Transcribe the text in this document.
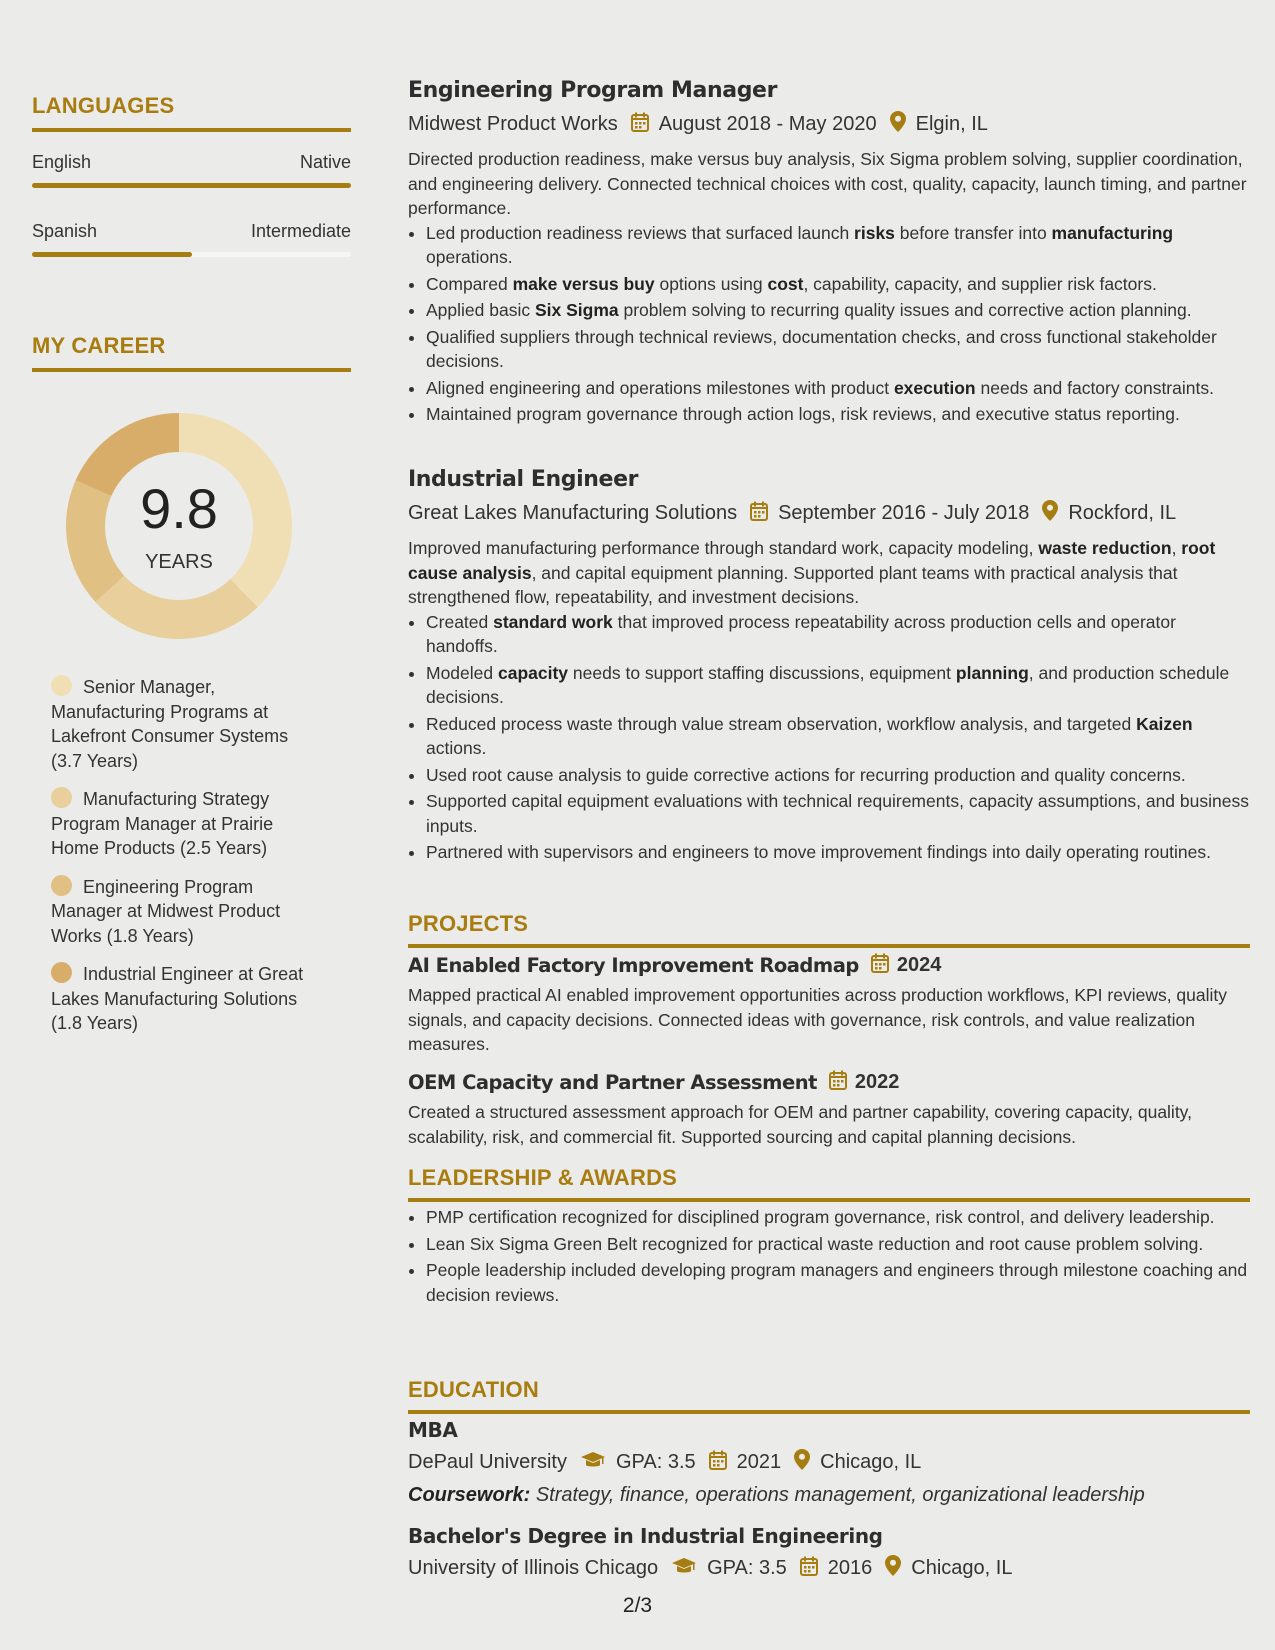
LANGUAGES
English	Native
Spanish	Intermediate
MY CAREER
9.8
YEARS
Senior Manager, Manufacturing Programs at Lakefront Consumer Systems (3.7 Years)
Manufacturing Strategy Program Manager at Prairie Home Products (2.5 Years)
Engineering Program Manager at Midwest Product Works (1.8 Years)
Industrial Engineer at Great Lakes Manufacturing Solutions (1.8 Years)
Engineering Program Manager
Midwest Product Works August 2018 - May 2020 Elgin, IL
Directed production readiness, make versus buy analysis, Six Sigma problem solving, supplier coordination, and engineering delivery. Connected technical choices with cost, quality, capacity, launch timing, and partner performance.
• Led production readiness reviews that surfaced launch risks before transfer into manufacturing operations.
• Compared make versus buy options using cost, capability, capacity, and supplier risk factors.
• Applied basic Six Sigma problem solving to recurring quality issues and corrective action planning.
• Qualified suppliers through technical reviews, documentation checks, and cross functional stakeholder decisions.
• Aligned engineering and operations milestones with product execution needs and factory constraints.
• Maintained program governance through action logs, risk reviews, and executive status reporting.
Industrial Engineer
Great Lakes Manufacturing Solutions September 2016 - July 2018 Rockford, IL
Improved manufacturing performance through standard work, capacity modeling, waste reduction, root cause analysis, and capital equipment planning. Supported plant teams with practical analysis that strengthened flow, repeatability, and investment decisions.
• Created standard work that improved process repeatability across production cells and operator handoffs.
• Modeled capacity needs to support staffing discussions, equipment planning, and production schedule decisions.
• Reduced process waste through value stream observation, workflow analysis, and targeted Kaizen actions.
• Used root cause analysis to guide corrective actions for recurring production and quality concerns.
• Supported capital equipment evaluations with technical requirements, capacity assumptions, and business inputs.
• Partnered with supervisors and engineers to move improvement findings into daily operating routines.
PROJECTS
AI Enabled Factory Improvement Roadmap 2024
Mapped practical AI enabled improvement opportunities across production workflows, KPI reviews, quality signals, and capacity decisions. Connected ideas with governance, risk controls, and value realization measures.
OEM Capacity and Partner Assessment 2022
Created a structured assessment approach for OEM and partner capability, covering capacity, quality, scalability, risk, and commercial fit. Supported sourcing and capital planning decisions.
LEADERSHIP & AWARDS
• PMP certification recognized for disciplined program governance, risk control, and delivery leadership.
• Lean Six Sigma Green Belt recognized for practical waste reduction and root cause problem solving.
• People leadership included developing program managers and engineers through milestone coaching and decision reviews.
EDUCATION
MBA
DePaul University GPA: 3.5 2021 Chicago, IL
Coursework: Strategy, finance, operations management, organizational leadership
Bachelor's Degree in Industrial Engineering
University of Illinois Chicago GPA: 3.5 2016 Chicago, IL
2/3
